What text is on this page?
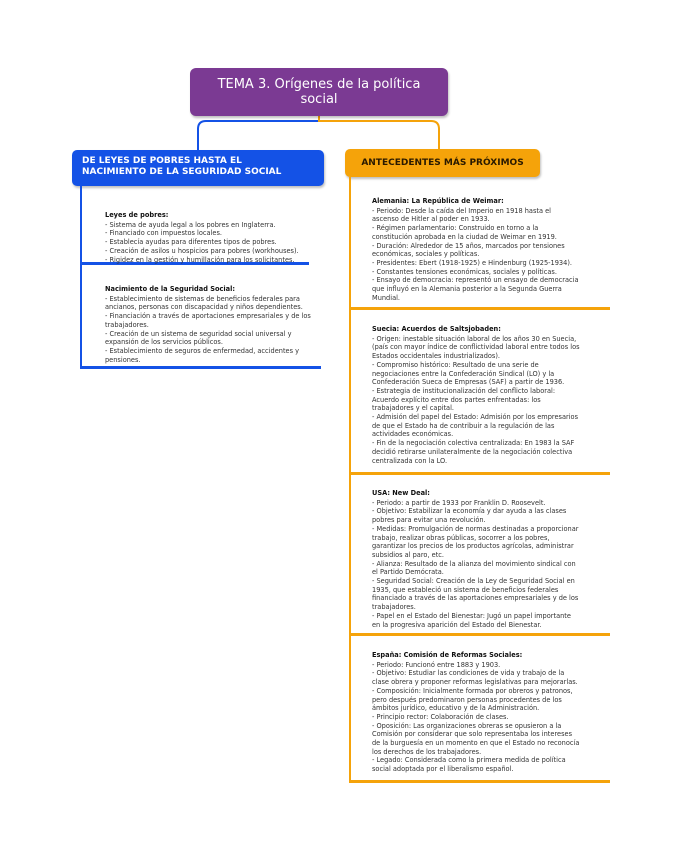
TEMA 3. Orígenes de la política social
DE LEYES DE POBRES HASTA EL
NACIMIENTO DE LA SEGURIDAD SOCIAL
ANTECEDENTES MÁS PRÓXIMOS
Leyes de pobres:
- Sistema de ayuda legal a los pobres en Inglaterra.
- Financiado con impuestos locales.
- Establecía ayudas para diferentes tipos de pobres.
- Creación de asilos u hospicios para pobres (workhouses).
- Rigidez en la gestión y humillación para los solicitantes.
Nacimiento de la Seguridad Social:
- Establecimiento de sistemas de beneficios federales para
ancianos, personas con discapacidad y niños dependientes.
- Financiación a través de aportaciones empresariales y de los
trabajadores.
- Creación de un sistema de seguridad social universal y
expansión de los servicios públicos.
- Establecimiento de seguros de enfermedad, accidentes y
pensiones.
Alemania: La República de Weimar:
- Periodo: Desde la caída del Imperio en 1918 hasta el
ascenso de Hitler al poder en 1933.
- Régimen parlamentario: Construido en torno a la
constitución aprobada en la ciudad de Weimar en 1919.
- Duración: Alrededor de 15 años, marcados por tensiones
económicas, sociales y políticas.
- Presidentes: Ebert (1918-1925) e Hindenburg (1925-1934).
- Constantes tensiones económicas, sociales y políticas.
- Ensayo de democracia: representó un ensayo de democracia
que influyó en la Alemania posterior a la Segunda Guerra
Mundial.
Suecia: Acuerdos de Saltsjobaden:
- Origen: inestable situación laboral de los años 30 en Suecia,
(país con mayor índice de conflictividad laboral entre todos los
Estados occidentales industrializados).
- Compromiso histórico: Resultado de una serie de
negociaciones entre la Confederación Sindical (LO) y la
Confederación Sueca de Empresas (SAF) a partir de 1936.
- Estrategia de institucionalización del conflicto laboral:
Acuerdo explícito entre dos partes enfrentadas: los
trabajadores y el capital.
- Admisión del papel del Estado: Admisión por los empresarios
de que el Estado ha de contribuir a la regulación de las
actividades económicas.
- Fin de la negociación colectiva centralizada: En 1983 la SAF
decidió retirarse unilateralmente de la negociación colectiva
centralizada con la LO.
USA: New Deal:
- Periodo: a partir de 1933 por Franklin D. Roosevelt.
- Objetivo: Estabilizar la economía y dar ayuda a las clases
pobres para evitar una revolución.
- Medidas: Promulgación de normas destinadas a proporcionar
trabajo, realizar obras públicas, socorrer a los pobres,
garantizar los precios de los productos agrícolas, administrar
subsidios al paro, etc.
- Alianza: Resultado de la alianza del movimiento sindical con
el Partido Demócrata.
- Seguridad Social: Creación de la Ley de Seguridad Social en
1935, que estableció un sistema de beneficios federales
financiado a través de las aportaciones empresariales y de los
trabajadores.
- Papel en el Estado del Bienestar: Jugó un papel importante
en la progresiva aparición del Estado del Bienestar.
España: Comisión de Reformas Sociales:
- Periodo: Funcionó entre 1883 y 1903.
- Objetivo: Estudiar las condiciones de vida y trabajo de la
clase obrera y proponer reformas legislativas para mejorarlas.
- Composición: Inicialmente formada por obreros y patronos,
pero después predominaron personas procedentes de los
ámbitos jurídico, educativo y de la Administración.
- Principio rector: Colaboración de clases.
- Oposición: Las organizaciones obreras se opusieron a la
Comisión por considerar que solo representaba los intereses
de la burguesía en un momento en que el Estado no reconocía
los derechos de los trabajadores.
- Legado: Considerada como la primera medida de política
social adoptada por el liberalismo español.
